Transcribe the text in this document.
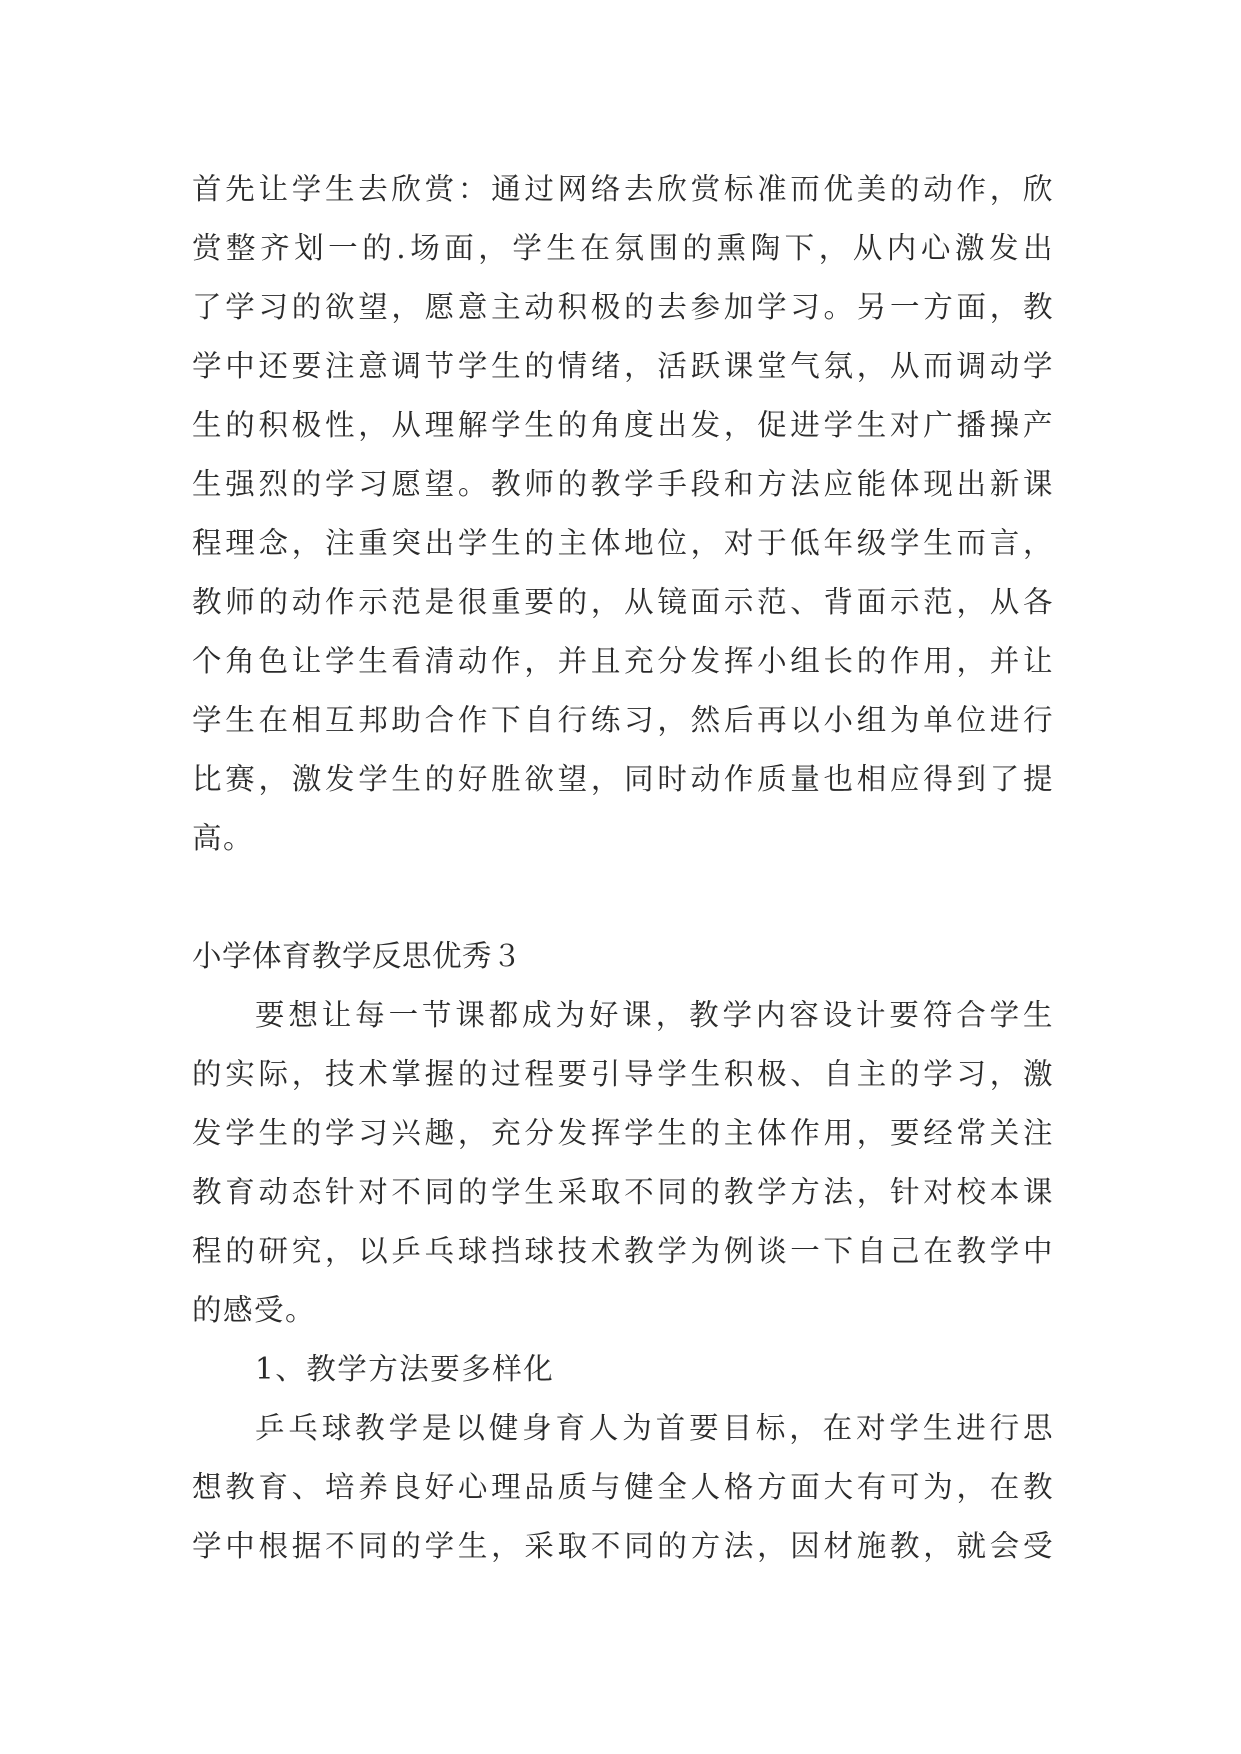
首先让学生去欣赏：通过网络去欣赏标准而优美的动作，欣
赏整齐划一的.场面，学生在氛围的熏陶下，从内心激发出
了学习的欲望，愿意主动积极的去参加学习。另一方面，教
学中还要注意调节学生的情绪，活跃课堂气氛，从而调动学
生的积极性，从理解学生的角度出发，促进学生对广播操产
生强烈的学习愿望。教师的教学手段和方法应能体现出新课
程理念，注重突出学生的主体地位，对于低年级学生而言，
教师的动作示范是很重要的，从镜面示范、背面示范，从各
个角色让学生看清动作，并且充分发挥小组长的作用，并让
学生在相互邦助合作下自行练习，然后再以小组为单位进行
比赛，激发学生的好胜欲望，同时动作质量也相应得到了提
高。
小学体育教学反思优秀３
要想让每一节课都成为好课，教学内容设计要符合学生
的实际，技术掌握的过程要引导学生积极、自主的学习，激
发学生的学习兴趣，充分发挥学生的主体作用，要经常关注
教育动态针对不同的学生采取不同的教学方法，针对校本课
程的研究，以乒乓球挡球技术教学为例谈一下自己在教学中
的感受。
1、教学方法要多样化
乒乓球教学是以健身育人为首要目标，在对学生进行思
想教育、培养良好心理品质与健全人格方面大有可为，在教
学中根据不同的学生，采取不同的方法，因材施教，就会受
